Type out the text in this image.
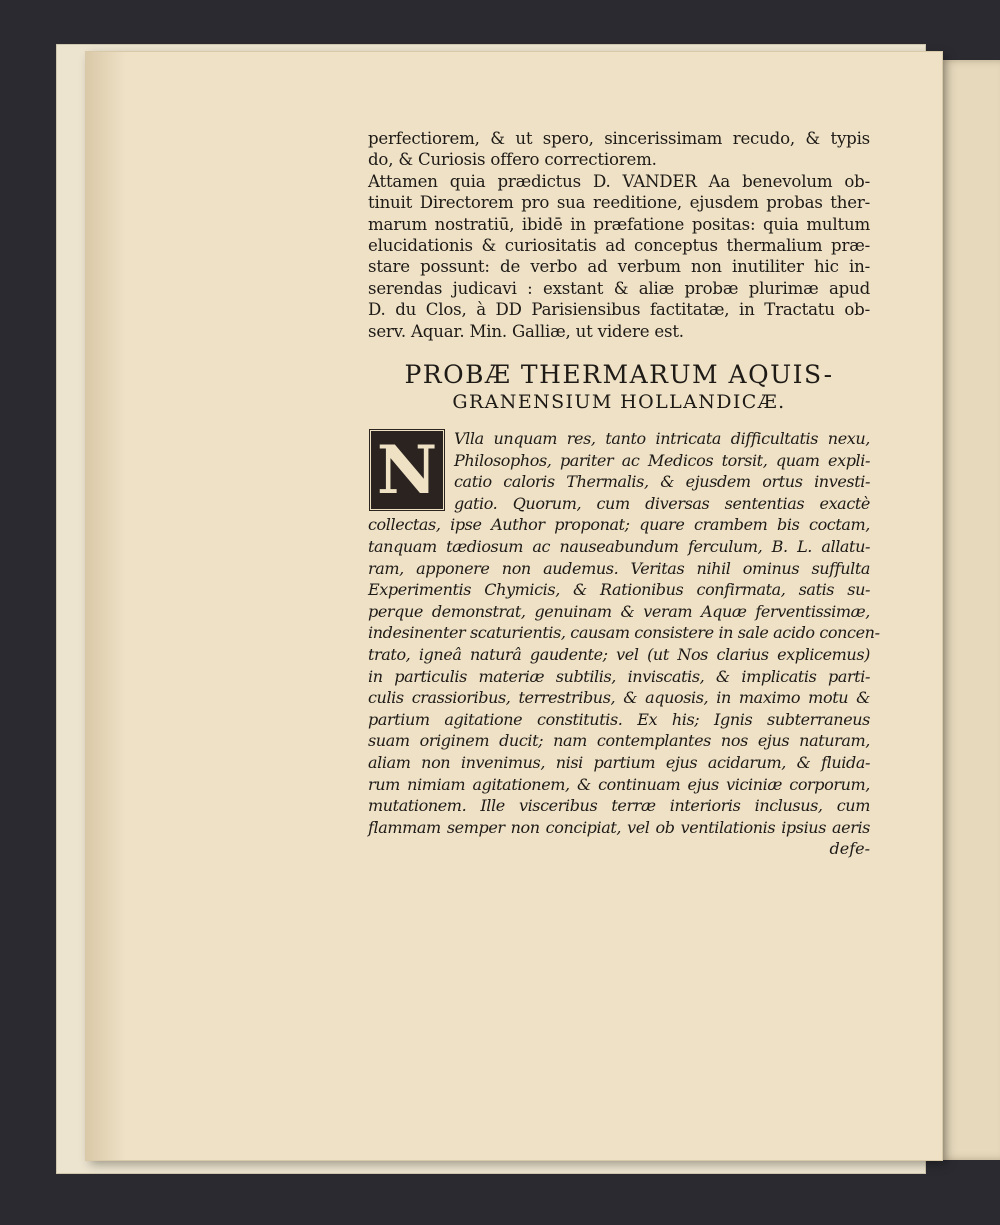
perfectiorem, & ut spero, sincerissimam recudo, & typis
do, & Curiosis offero correctiorem.
Attamen quia prædictus D. VANDER Aa benevolum ob-
tinuit Directorem pro sua reeditione, ejusdem probas ther-
marum nostratiū, ibidē in præfatione positas: quia multum
elucidationis & curiositatis ad conceptus thermalium præ-
stare possunt: de verbo ad verbum non inutiliter hic in-
serendas judicavi : exstant & aliæ probæ plurimæ apud
D. du Clos, à DD Parisiensibus factitatæ, in Tractatu ob-
serv. Aquar. Min. Galliæ, ut videre est.
PROBÆ THERMARUM AQUIS-
GRANENSIUM HOLLANDICÆ.
N	Vlla unquam res, tanto intricata difficultatis nexu,
Philosophos, pariter ac Medicos torsit, quam expli-
catio caloris Thermalis, & ejusdem ortus investi-
gatio. Quorum, cum diversas sententias exactè
collectas, ipse Author proponat; quare crambem bis coctam,
tanquam tædiosum ac nauseabundum ferculum, B. L. allatu-
ram, apponere non audemus. Veritas nihil ominus suffulta
Experimentis Chymicis, & Rationibus confirmata, satis su-
perque demonstrat, genuinam & veram Aquæ ferventissimæ,
indesinenter scaturientis, causam consistere in sale acido concen-
trato, igneâ naturâ gaudente; vel (ut Nos clarius explicemus)
in particulis materiæ subtilis, inviscatis, & implicatis parti-
culis crassioribus, terrestribus, & aquosis, in maximo motu &
partium agitatione constitutis. Ex his; Ignis subterraneus
suam originem ducit; nam contemplantes nos ejus naturam,
aliam non invenimus, nisi partium ejus acidarum, & fluida-
rum nimiam agitationem, & continuam ejus viciniæ corporum,
mutationem. Ille visceribus terræ interioris inclusus, cum
flammam semper non concipiat, vel ob ventilationis ipsius aeris
defe-
